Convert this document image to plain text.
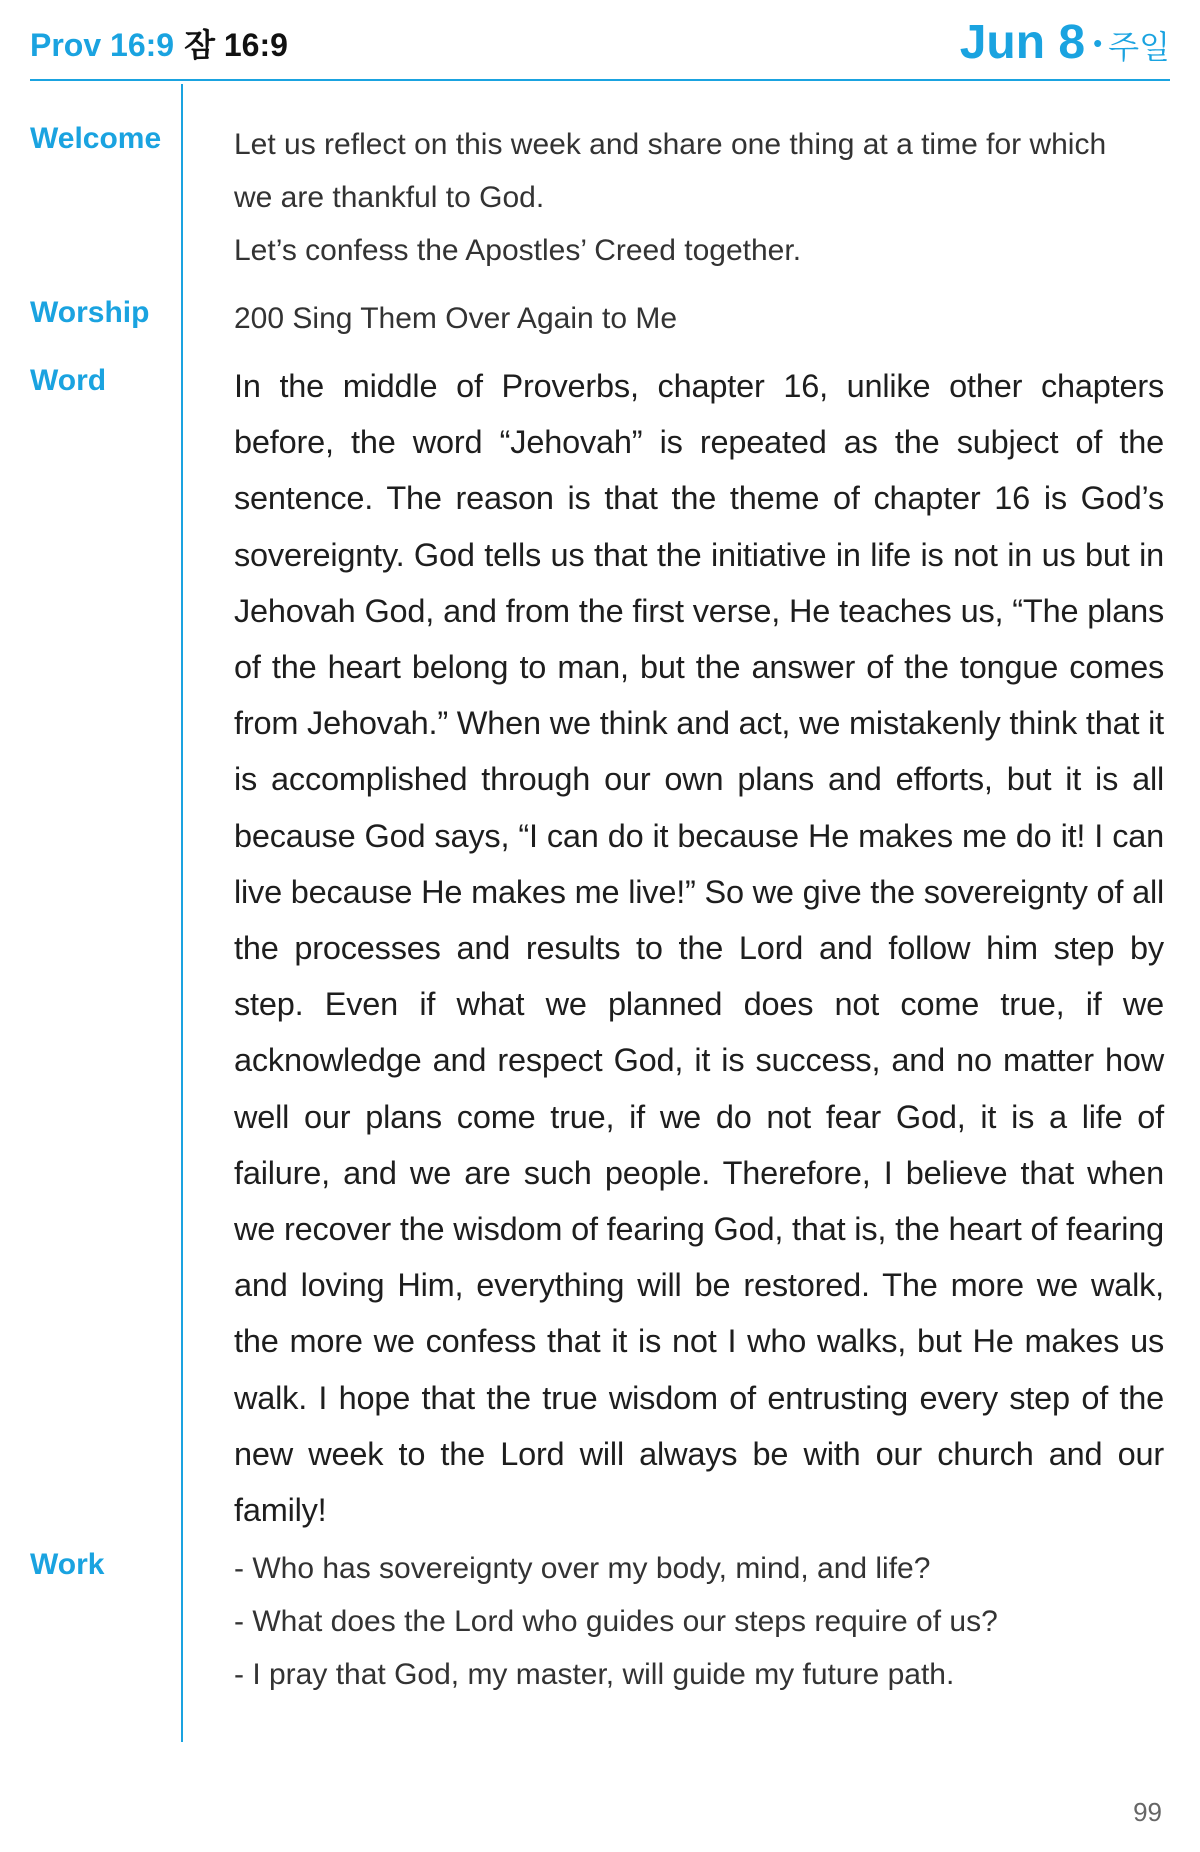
Prov 16:9 잠 16:9	Jun 8 • 주일
Welcome Let us reflect on this week and share one thing at a time for which

we are thankful to God.

Let’s confess the Apostles’ Creed together.

Worship	200 Sing Them Over Again to Me
Word	In the middle of Proverbs, chapter 16, unlike other chapters before, the word “Jehovah” is repeated as the subject of the sentence. The reason is that the theme of chapter 16 is God’s sovereignty. God tells us that the initiative in life is not in us but in Jehovah God, and from the first verse, He teaches us, “The plans of the heart belong to man, but the answer of the tongue comes from Jehovah.” When we think and act, we mistakenly think that it is accomplished through our own plans and efforts, but it is all because God says, “I can do it because He makes me do it! I can live because He makes me live!” So we give the sovereignty of all the processes and results to the Lord and follow him step by step. Even if what we planned does not come true, if we acknowledge and respect God, it is success, and no matter how well our plans come true, if we do not fear God, it is a life of failure, and we are such people. Therefore, I believe that when we recover the wisdom of fearing God, that is, the heart of fearing and loving Him, everything will be restored. The more we walk, the more we confess that it is not I who walks, but He makes us walk. I hope that the true wisdom of entrusting every step of the new week to the Lord will always be with our church and our family!
Work	- Who has sovereignty over my body, mind, and life?

- What does the Lord who guides our steps require of us?

- I pray that God, my master, will guide my future path.

99
